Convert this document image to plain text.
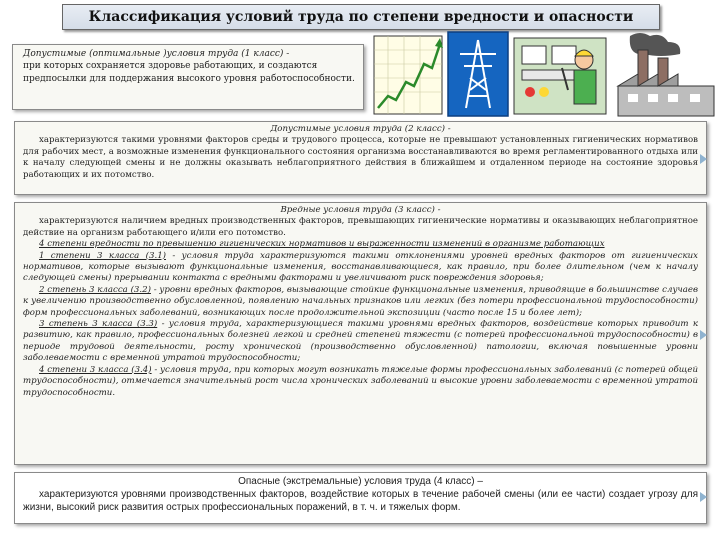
Классификация условий труда по степени вредности и опасности
Допустимые (оптимальные )условия труда (1 класс) -
при которых сохраняется здоровье работающих, и создаются предпосылки для поддержания высокого уровня работоспособности.
Допустимые условия труда (2 класс) -

характеризуются такими уровнями факторов среды и трудового процесса, которые не превышают установленных гигиенических нормативов для рабочих мест, а возможные изменения функционального состояния организма восстанавливаются во время регламентированного отдыха или к началу следующей смены и не должны оказывать неблагоприятного действия в ближайшем и отдаленном периоде на состояние здоровья работающих и их потомство.

Вредные условия труда (3 класс) -

характеризуются наличием вредных производственных факторов, превышающих гигиенические нормативы и оказывающих неблагоприятное действие на организм работающего и/или его потомство.

4 степени вредности по превышению гигиенических нормативов и выраженности изменений в организме работающих

1 степени 3 класса (3.1) - условия труда характеризуются такими отклонениями уровней вредных факторов от гигиенических нормативов, которые вызывают функциональные изменения, восстанавливающиеся, как правило, при более длительном (чем к началу следующей смены) прерывании контакта с вредными факторами и увеличивают риск повреждения здоровья;

2 степень 3 класса (3.2) - уровни вредных факторов, вызывающие стойкие функциональные изменения, приводящие в большинстве случаев к увеличению производственно обусловленной, появлению начальных признаков или легких (без потери профессиональной трудоспособности) форм профессиональных заболеваний, возникающих после продолжительной экспозиции (часто после 15 и более лет);

3 степень 3 класса (3.3) - условия труда, характеризующиеся такими уровнями вредных факторов, воздействие которых приводит к развитию, как правило, профессиональных болезней легкой и средней степеней тяжести (с потерей профессиональной трудоспособности) в периоде трудовой деятельности, росту хронической (производственно обусловленной) патологии, включая повышенные уровни заболеваемости с временной утратой трудоспособности;

4 степени 3 класса (3.4) - условия труда, при которых могут возникать тяжелые формы профессиональных заболеваний (с потерей общей трудоспособности), отмечается значительный рост числа хронических заболеваний и высокие уровни заболеваемости с временной утратой трудоспособности.

Опасные (экстремальные) условия труда (4 класс) –

характеризуются уровнями производственных факторов, воздействие которых в течение рабочей смены (или ее части) создает угрозу для жизни, высокий риск развития острых профессиональных поражений, в т. ч. и тяжелых форм.
